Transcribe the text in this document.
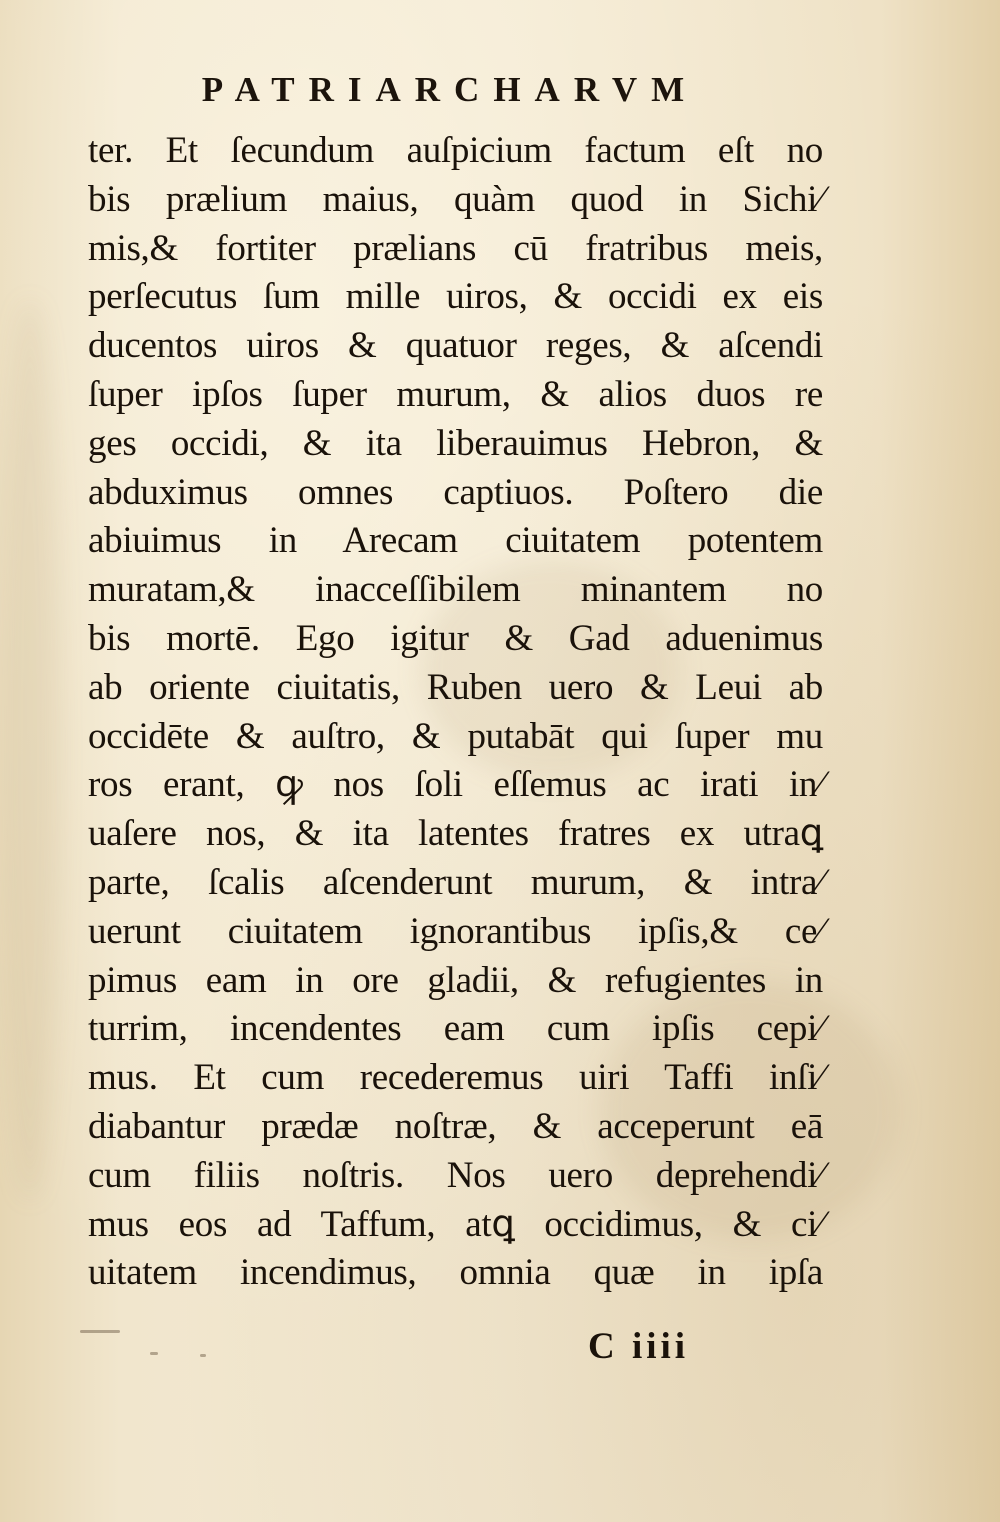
PATRIARCHARVM
ter. Et ſecundum auſpicium factum eſt no
bis prælium maius, quàm quod in Sichi⁄
mis,& fortiter prælians cū fratribus meis,
perſecutus ſum mille uiros, & occidi ex eis
ducentos uiros & quatuor reges, & aſcendi
ſuper ipſos ſuper murum, & alios duos re
ges occidi, & ita liberauimus Hebron, &
abduximus omnes captiuos. Poſtero die
abiuimus in Arecam ciuitatem potentem
muratam,& inacceſſibilem minantem no
bis mortē. Ego igitur & Gad aduenimus
ab oriente ciuitatis, Ruben uero & Leui ab
occidēte & auſtro, & putabāt qui ſuper mu
ros erant, ꝙ nos ſoli eſſemus ac irati in⁄
uaſere nos, & ita latentes fratres ex utraꝗ
parte, ſcalis aſcenderunt murum, & intra⁄
uerunt ciuitatem ignorantibus ipſis,& ce⁄
pimus eam in ore gladii, & refugientes in
turrim, incendentes eam cum ipſis cepi⁄
mus. Et cum recederemus uiri Taffi inſi⁄
diabantur prædæ noſtræ, & acceperunt eā
cum filiis noſtris. Nos uero deprehendi⁄
mus eos ad Taffum, atꝗ occidimus, & ci⁄
uitatem incendimus, omnia quæ in ipſa
C iiii
